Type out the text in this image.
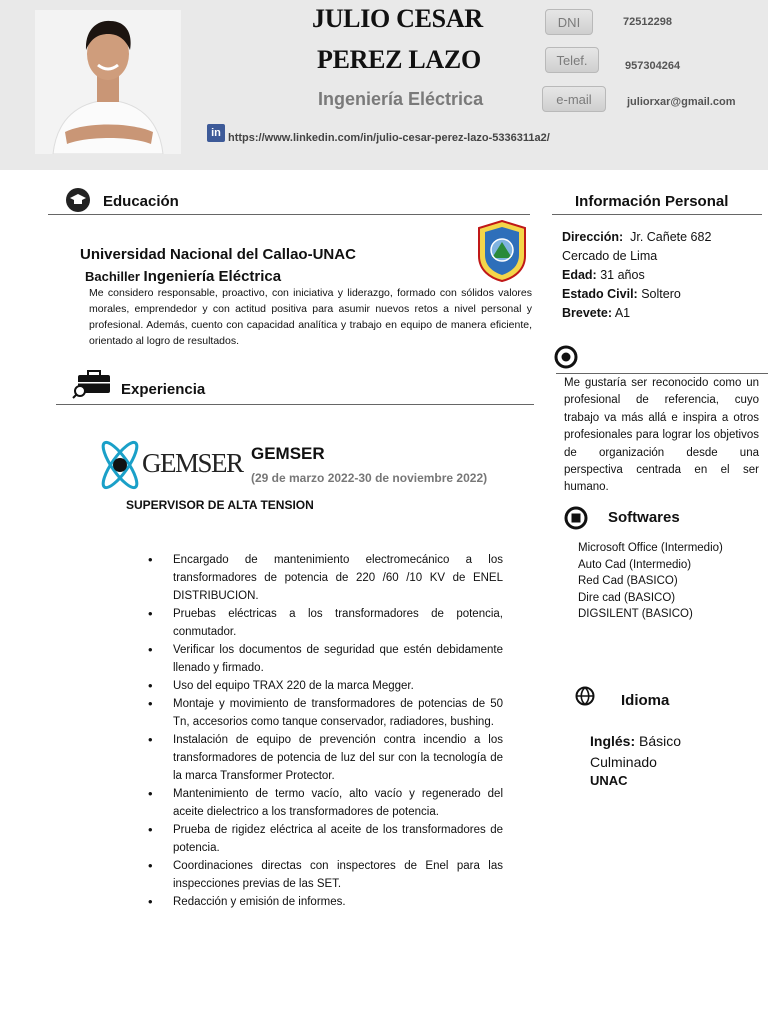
JULIO CESAR
PEREZ LAZO
Ingeniería Eléctrica
DNI	72512298
Telef.	957304264
e-mail	juliorxar@gmail.com
in https://www.linkedin.com/in/julio-cesar-perez-lazo-5336311a2/
Educación
Universidad Nacional del Callao-UNAC
Bachiller Ingeniería Eléctrica

Me considero responsable, proactivo, con iniciativa y liderazgo, formado con sólidos valores morales, emprendedor y con actitud positiva para asumir nuevos retos a nivel personal y profesional. Además, cuento con capacidad analítica y trabajo en equipo de manera eficiente, orientado al logro de resultados.

Experiencia
GEMSER GEMSER
(29 de marzo 2022-30 de noviembre 2022)
SUPERVISOR DE ALTA TENSION
• Encargado de mantenimiento electromecánico a los transformadores de potencia de 220 /60 /10 KV de ENEL DISTRIBUCION.
• Pruebas eléctricas a los transformadores de potencia, conmutador.
• Verificar los documentos de seguridad que estén debidamente llenado y firmado.
• Uso del equipo TRAX 220 de la marca Megger.
• Montaje y movimiento de transformadores de potencias de 50 Tn, accesorios como tanque conservador, radiadores, bushing.
• Instalación de equipo de prevención contra incendio a los transformadores de potencia de luz del sur con la tecnología de la marca Transformer Protector.
• Mantenimiento de termo vacío, alto vacío y regenerado del aceite dielectrico a los transformadores de potencia.
• Prueba de rigidez eléctrica al aceite de los transformadores de potencia.
• Coordinaciones directas con inspectores de Enel para las inspecciones previas de las SET.
• Redacción y emisión de informes.
Información Personal
Dirección: Jr. Cañete 682
Cercado de Lima
Edad: 31 años
Estado Civil: Soltero
Brevete: A1

Me gustaría ser reconocido como un profesional de referencia, cuyo trabajo va más allá e inspira a otros profesionales para lograr los objetivos de organización desde una perspectiva centrada en el ser humano.

Softwares
Microsoft Office (Intermedio)
Auto Cad (Intermedio)
Red Cad (BASICO)
Dire cad (BASICO)
DIGSILENT (BASICO)
Idioma
Inglés: Básico
Culminado
UNAC
